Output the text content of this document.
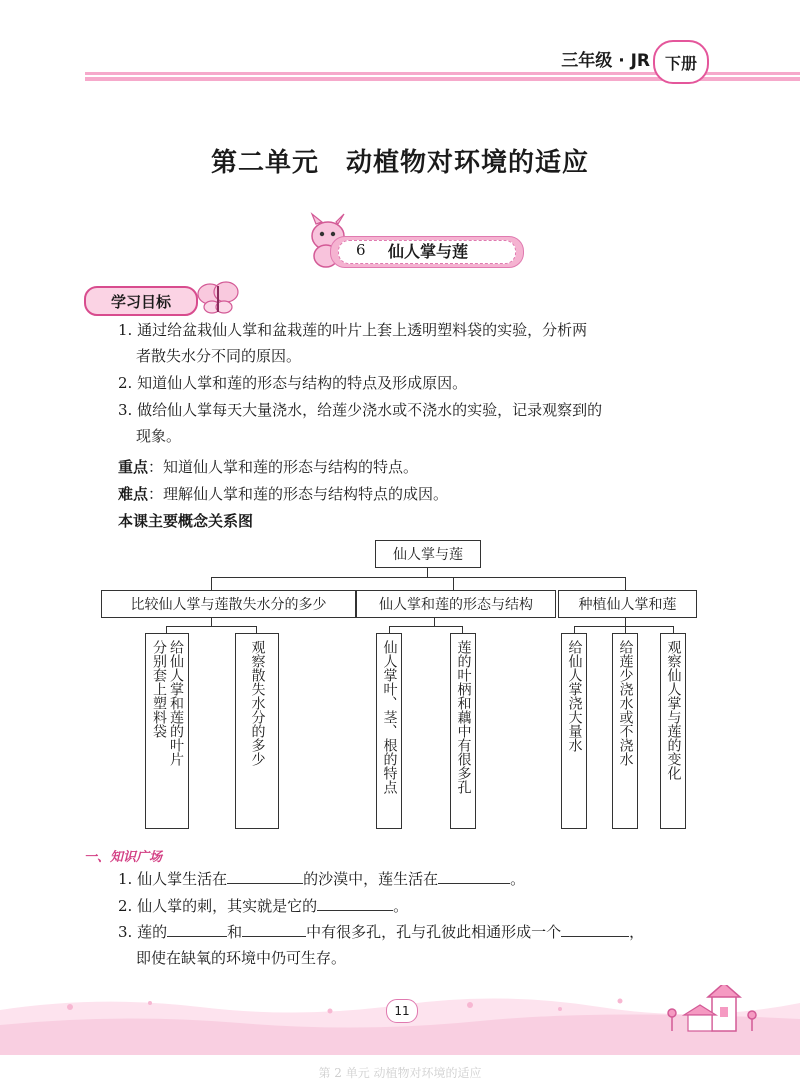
三年级 · JR 下册
第二单元　动植物对环境的适应
6 仙人掌与莲
学习目标
1. 通过给盆栽仙人掌和盆栽莲的叶片上套上透明塑料袋的实验，分析两
者散失水分不同的原因。
2. 知道仙人掌和莲的形态与结构的特点及形成原因。
3. 做给仙人掌每天大量浇水，给莲少浇水或不浇水的实验，记录观察到的
现象。
重点：知道仙人掌和莲的形态与结构的特点。
难点：理解仙人掌和莲的形态与结构特点的成因。
本课主要概念关系图
仙人掌与莲
比较仙人掌与莲散失水分的多少	仙人掌和莲的形态与结构	种植仙人掌和莲
给仙人掌和莲的叶片分别套上塑料袋	观察散失水分的多少	仙人掌叶、茎、根的特点	莲的叶柄和藕中有很多孔	给仙人掌浇大量水	给莲少浇水或不浇水 观察仙人掌与莲的变化
一、知识广场
1. 仙人掌生活在	的沙漠中，莲生活在	。
2. 仙人掌的刺，其实就是它的	。
3. 莲的	和	中有很多孔，孔与孔彼此相通形成一个	，
即使在缺氧的环境中仍可生存。
11
第 2 单元 动植物对环境的适应
